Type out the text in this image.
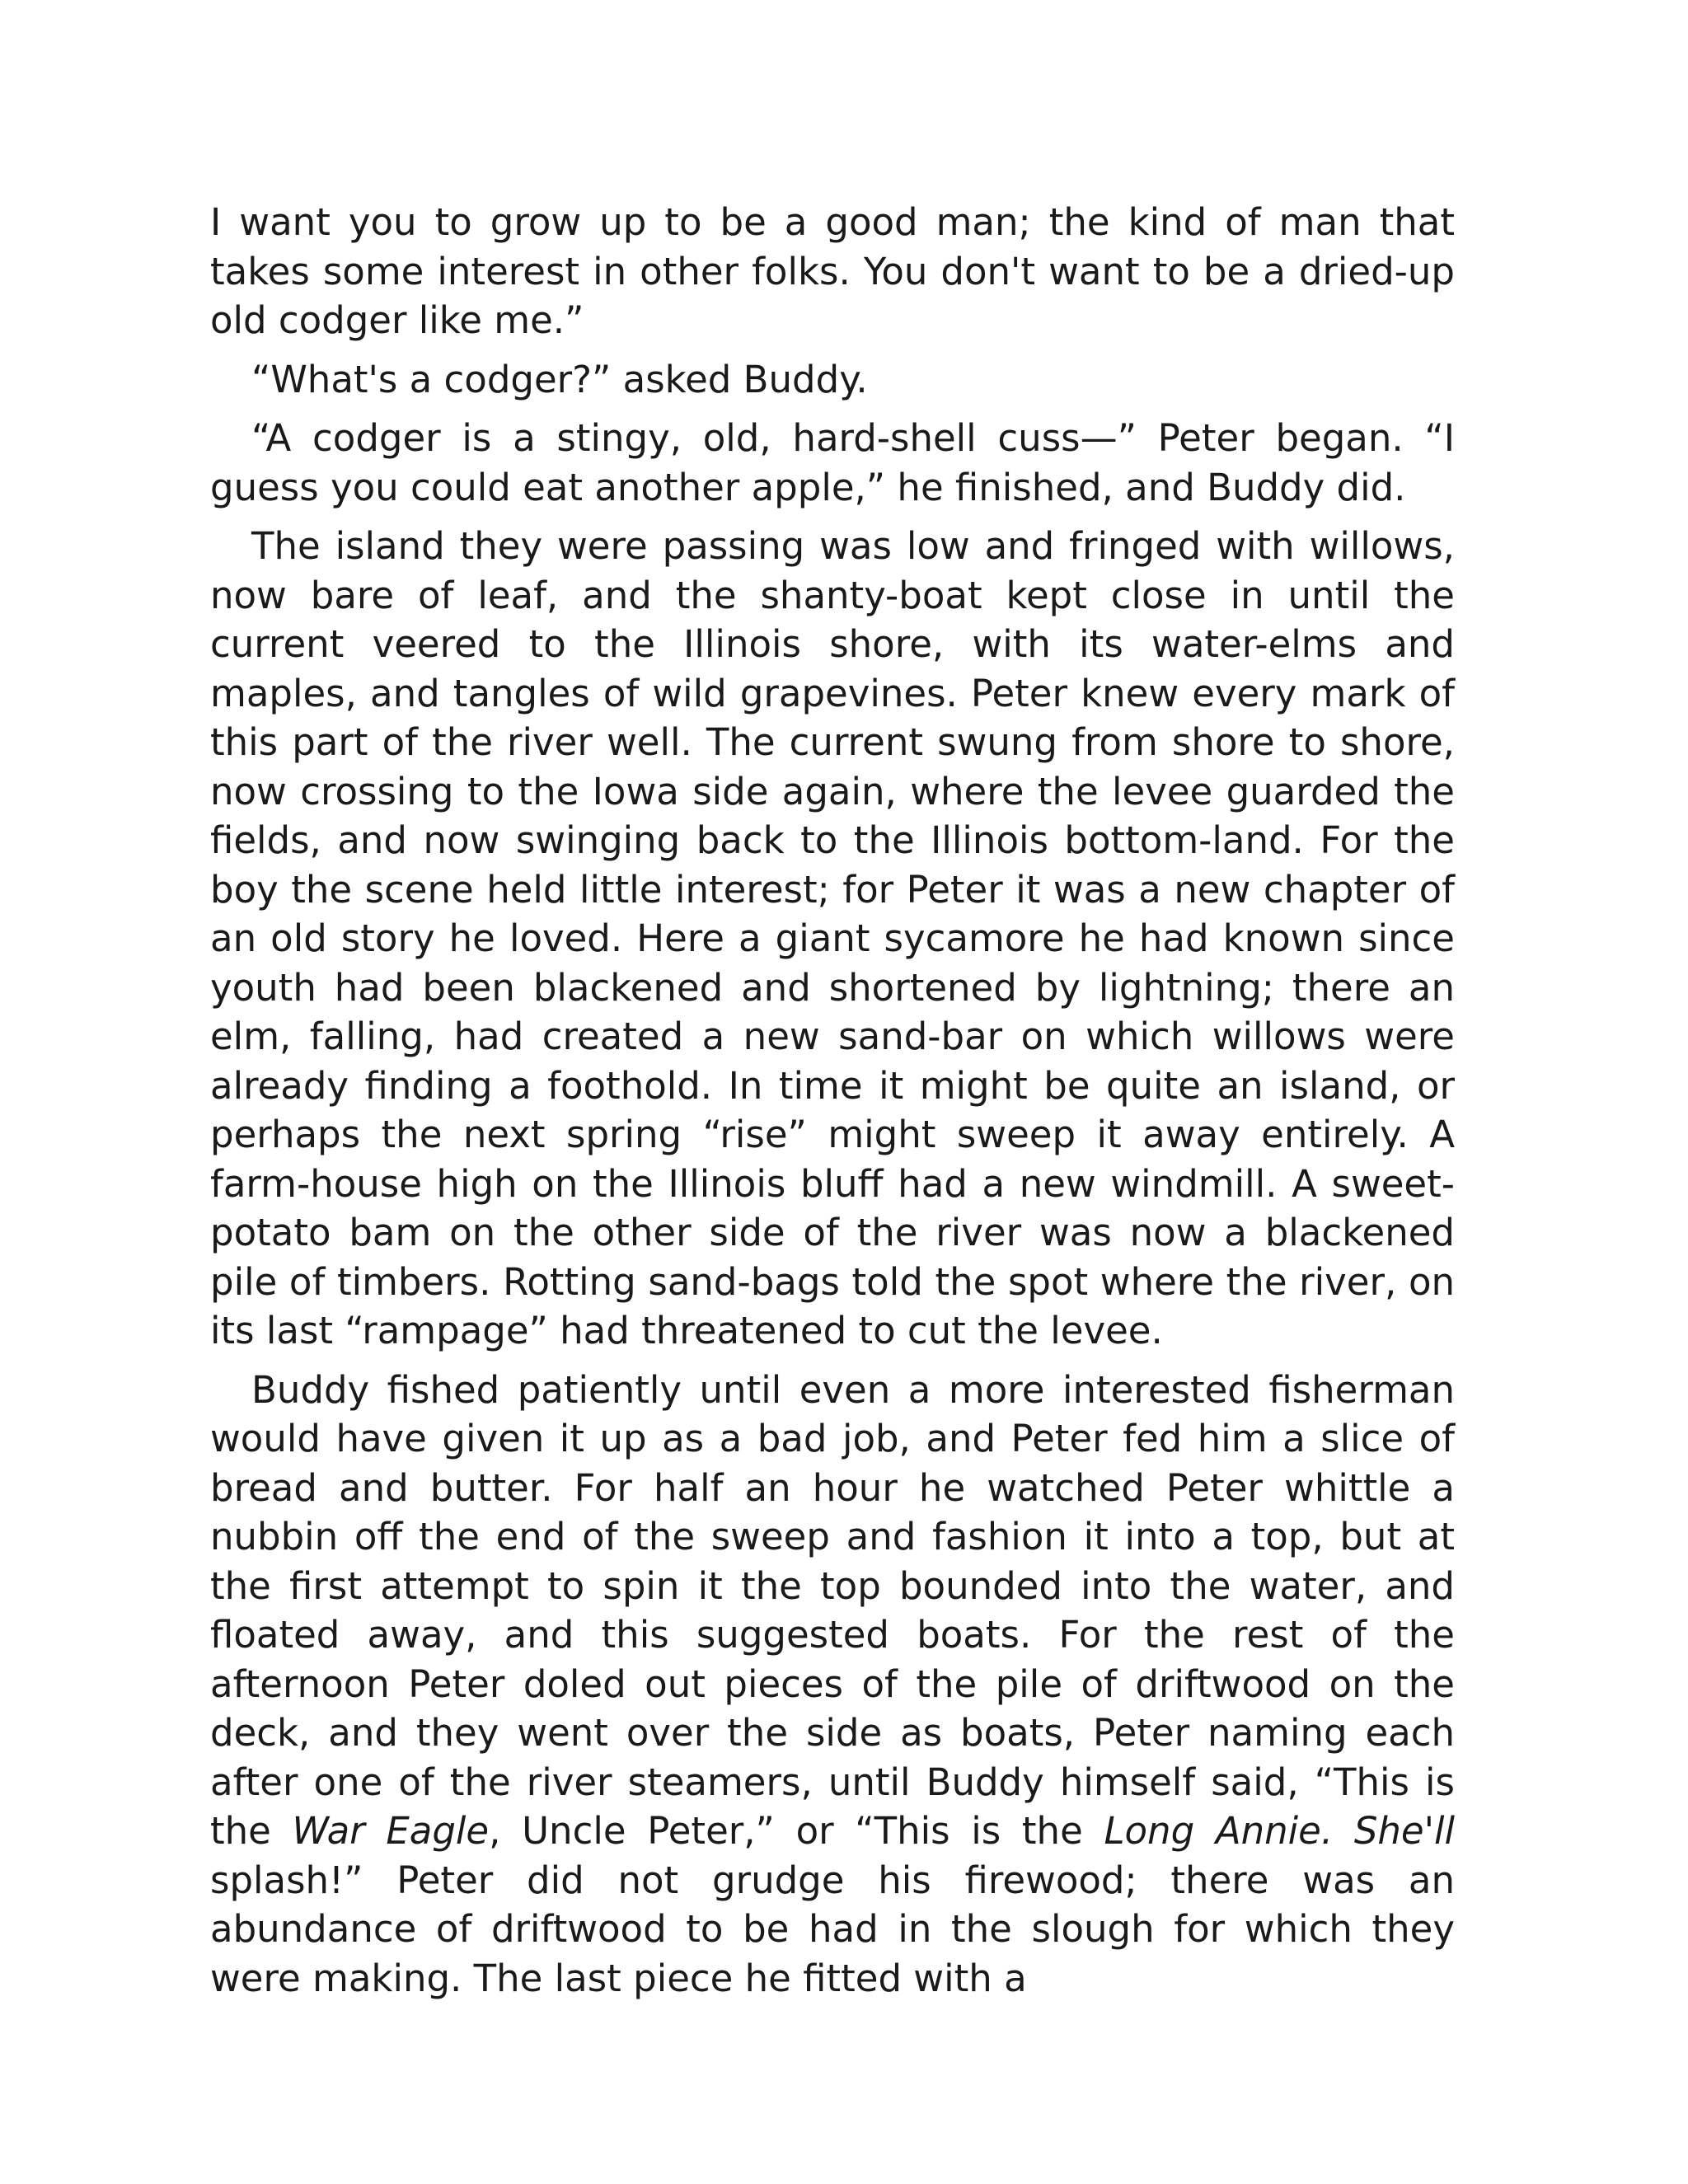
I want you to grow up to be a good man; the kind of man that takes some interest in other folks. You don't want to be a dried-up old codger like me.”

“What's a codger?” asked Buddy.

“A codger is a stingy, old, hard-shell cuss—” Peter began. “I guess you could eat another apple,” he finished, and Buddy did.

The island they were passing was low and fringed with willows, now bare of leaf, and the shanty-boat kept close in until the current veered to the Illinois shore, with its water-elms and maples, and tangles of wild grapevines. Peter knew every mark of this part of the river well. The current swung from shore to shore, now crossing to the Iowa side again, where the levee guarded the fields, and now swinging back to the Illinois bottom-land. For the boy the scene held little interest; for Peter it was a new chapter of an old story he loved. Here a giant sycamore he had known since youth had been blackened and shortened by lightning; there an elm, falling, had created a new sand-bar on which willows were already finding a foothold. In time it might be quite an island, or perhaps the next spring “rise” might sweep it away entirely. A farm-house high on the Illinois bluff had a new windmill. A sweet-potato bam on the other side of the river was now a blackened pile of timbers. Rotting sand-bags told the spot where the river, on its last “rampage” had threatened to cut the levee.

Buddy fished patiently until even a more interested fisherman would have given it up as a bad job, and Peter fed him a slice of bread and butter. For half an hour he watched Peter whittle a nubbin off the end of the sweep and fashion it into a top, but at the first attempt to spin it the top bounded into the water, and floated away, and this suggested boats. For the rest of the afternoon Peter doled out pieces of the pile of driftwood on the deck, and they went over the side as boats, Peter naming each after one of the river steamers, until Buddy himself said, “This is the War Eagle, Uncle Peter,” or “This is the Long Annie. She'll splash!” Peter did not grudge his firewood; there was an abundance of driftwood to be had in the slough for which they were making. The last piece he fitted with a
